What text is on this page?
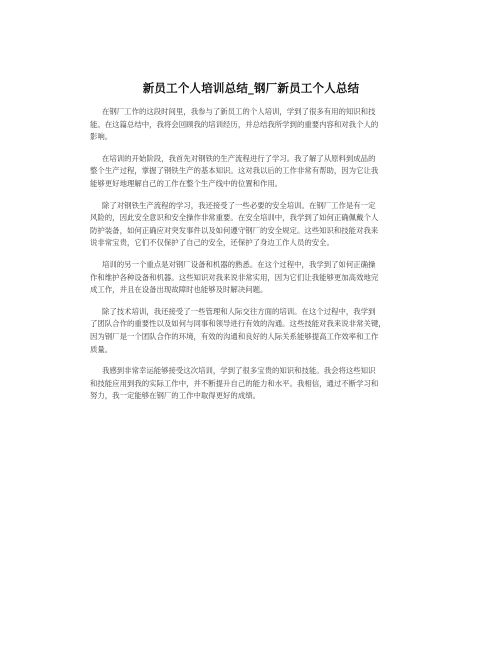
新员工个人培训总结_钢厂新员工个人总结

在钢厂工作的这段时间里，我参与了新员工的个人培训，学到了很多有用的知识和技
能。在这篇总结中，我将会回顾我的培训经历，并总结我所学到的重要内容和对我个人的
影响。

在培训的开始阶段，我首先对钢铁的生产流程进行了学习。我了解了从原料到成品的
整个生产过程，掌握了钢铁生产的基本知识。这对我以后的工作非常有帮助，因为它让我
能够更好地理解自己的工作在整个生产线中的位置和作用。

除了对钢铁生产流程的学习，我还接受了一些必要的安全培训。在钢厂工作是有一定
风险的，因此安全意识和安全操作非常重要。在安全培训中，我学到了如何正确佩戴个人
防护装备，如何正确应对突发事件以及如何遵守钢厂的安全规定。这些知识和技能对我来
说非常宝贵，它们不仅保护了自己的安全，还保护了身边工作人员的安全。

培训的另一个重点是对钢厂设备和机器的熟悉。在这个过程中，我学到了如何正确操
作和维护各种设备和机器。这些知识对我来说非常实用，因为它们让我能够更加高效地完
成工作，并且在设备出现故障时也能够及时解决问题。

除了技术培训，我还接受了一些管理和人际交往方面的培训。在这个过程中，我学到
了团队合作的重要性以及如何与同事和领导进行有效的沟通。这些技能对我来说非常关键，
因为钢厂是一个团队合作的环境，有效的沟通和良好的人际关系能够提高工作效率和工作
质量。

我感到非常幸运能够接受这次培训，学到了很多宝贵的知识和技能。我会将这些知识
和技能应用到我的实际工作中，并不断提升自己的能力和水平。我相信，通过不断学习和
努力，我一定能够在钢厂的工作中取得更好的成绩。
